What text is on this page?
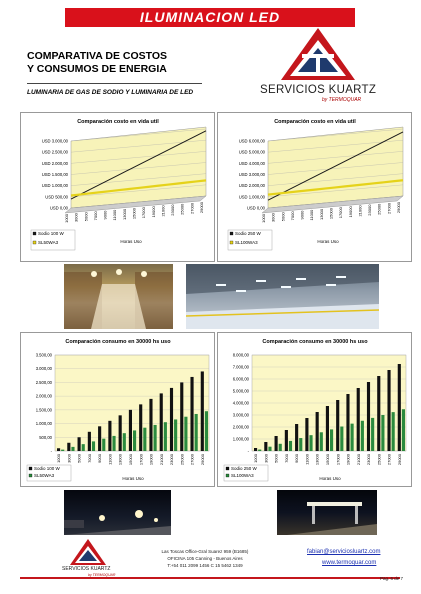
ILUMINACION LED
COMPARATIVA DE COSTOS
Y CONSUMOS DE ENERGIA
LUMINARIA DE GAS DE SODIO Y LUMINARIA DE LED	SERVICIOS KUARTZ
by TERMOQUAR
Comparación costo en vida util
USD 3.000,00
USD 2.500,00
USD 2.000,00
USD 1.500,00
USD 1.000,00
USD 500,00
USD 0,00
1000 3000 5000 7000 9000 11000 13000 15000 17000 19000 21000 23000 25000 27000 29000
Horas Uso
Sodio 100 W
SL50WA3
Comparación costo en vida util
USD 6.000,00
USD 5.000,00
USD 4.000,00
USD 3.000,00
USD 2.000,00
USD 1.000,00
USD 0,00
1000 3000 5000 7000 9000 11000 13000 15000 17000 19000 21000 23000 25000 27000 29000
Horas Uso
Sodio 250 W
SL100WA3
Comparación consumo en 30000 hs uso
3.500,00
3.000,00
2.500,00
2.000,00
1.500,00
1.000,00
500,00
-
1000 3000 5000 7000 9000 11000 13000 15000 17000 19000 21000 23000 25000 27000 29000
Horas Uso
Sodio 100 W
SL50WA3
Comparación consumo en 30000 hs uso
8.000,00
7.000,00
6.000,00
5.000,00
4.000,00
3.000,00
2.000,00
1.000,00
-
1000 3000 5000 7000 9000 11000 13000 15000 17000 19000 21000 23000 25000 27000 29000
Horas Uso
Sodio 250 W
SL100WA3
SERVICIOS KUARTZ
by TERMOQUAR
Las Toscas Office-Gral Suarez 959 (B1685)
OFICINA 105 Canning - Buenos Aires
T:+54 011 2099 1456 C 15 5462 1349
fabian@serviciosluartz.com
www.termoquar.com
Pag. 6 de 7
